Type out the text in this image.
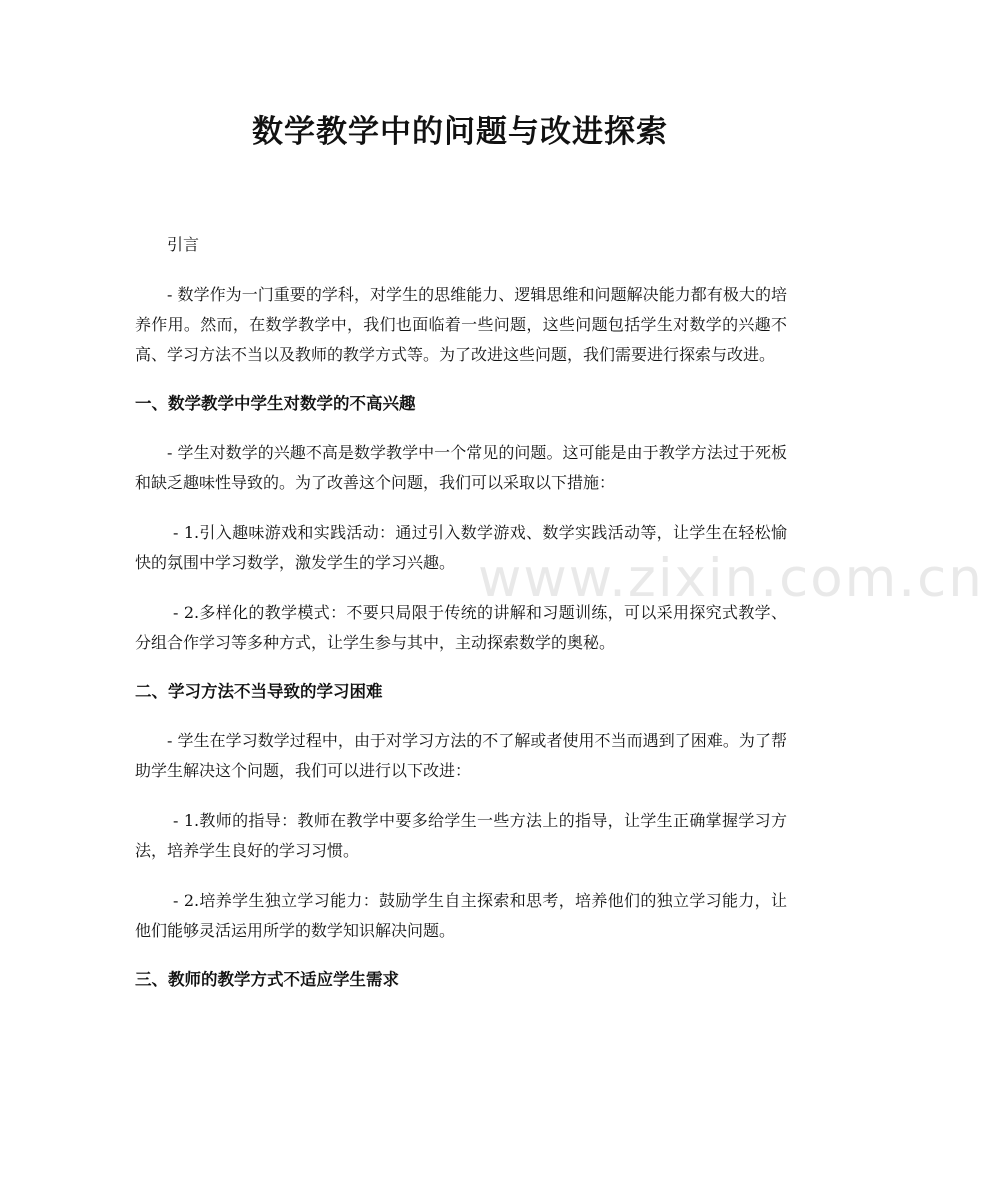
www.zixin.com.cn
数学教学中的问题与改进探索

引言

- 数学作为一门重要的学科，对学生的思维能力、逻辑思维和问题解决能力都有极大的培养作用。然而，在数学教学中，我们也面临着一些问题，这些问题包括学生对数学的兴趣不高、学习方法不当以及教师的教学方式等。为了改进这些问题，我们需要进行探索与改进。

一、数学教学中学生对数学的不高兴趣

- 学生对数学的兴趣不高是数学教学中一个常见的问题。这可能是由于教学方法过于死板和缺乏趣味性导致的。为了改善这个问题，我们可以采取以下措施：

- 1.引入趣味游戏和实践活动：通过引入数学游戏、数学实践活动等，让学生在轻松愉快的氛围中学习数学，激发学生的学习兴趣。

- 2.多样化的教学模式：不要只局限于传统的讲解和习题训练，可以采用探究式教学、分组合作学习等多种方式，让学生参与其中，主动探索数学的奥秘。

二、学习方法不当导致的学习困难

- 学生在学习数学过程中，由于对学习方法的不了解或者使用不当而遇到了困难。为了帮助学生解决这个问题，我们可以进行以下改进：

- 1.教师的指导：教师在教学中要多给学生一些方法上的指导，让学生正确掌握学习方法，培养学生良好的学习习惯。

- 2.培养学生独立学习能力：鼓励学生自主探索和思考，培养他们的独立学习能力，让他们能够灵活运用所学的数学知识解决问题。

三、教师的教学方式不适应学生需求
